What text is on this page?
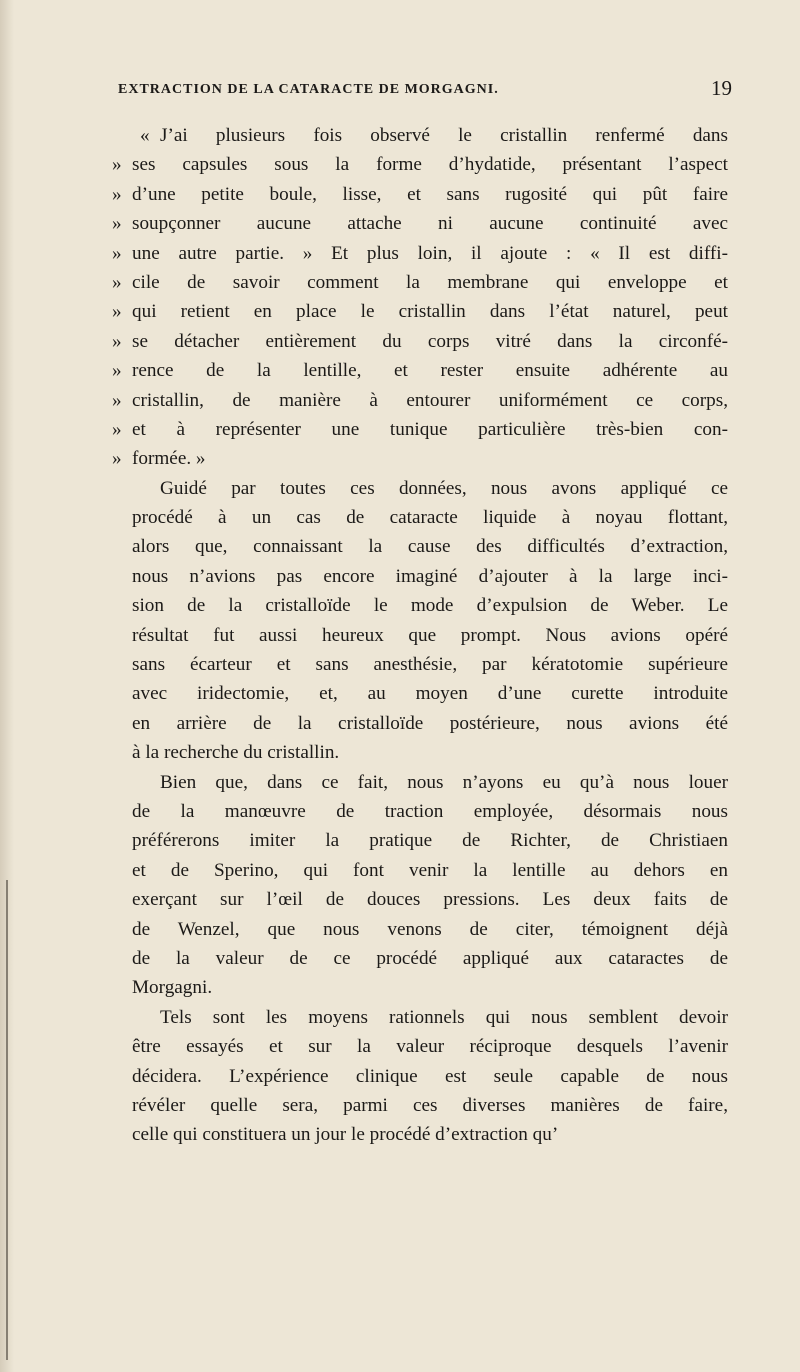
EXTRACTION DE LA CATARACTE DE MORGAGNI.	19
« J’ai plusieurs fois observé le cristallin renfermé dans
» ses capsules sous la forme d’hydatide, présentant l’aspect
» d’une petite boule, lisse, et sans rugosité qui pût faire
» soupçonner aucune attache ni aucune continuité avec
» une autre partie. » Et plus loin, il ajoute : « Il est diffi-
» cile de savoir comment la membrane qui enveloppe et
» qui retient en place le cristallin dans l’état naturel, peut
» se détacher entièrement du corps vitré dans la circonfé-
» rence de la lentille, et rester ensuite adhérente au
» cristallin, de manière à entourer uniformément ce corps,
» et à représenter une tunique particulière très-bien con-
» formée. »
Guidé par toutes ces données, nous avons appliqué ce
procédé à un cas de cataracte liquide à noyau flottant,
alors que, connaissant la cause des difficultés d’extraction,
nous n’avions pas encore imaginé d’ajouter à la large inci-
sion de la cristalloïde le mode d’expulsion de Weber. Le
résultat fut aussi heureux que prompt. Nous avions opéré
sans écarteur et sans anesthésie, par kératotomie supérieure
avec iridectomie, et, au moyen d’une curette introduite
en arrière de la cristalloïde postérieure, nous avions été
à la recherche du cristallin.
Bien que, dans ce fait, nous n’ayons eu qu’à nous louer
de la manœuvre de traction employée, désormais nous
préférerons imiter la pratique de Richter, de Christiaen
et de Sperino, qui font venir la lentille au dehors en
exerçant sur l’œil de douces pressions. Les deux faits de
de Wenzel, que nous venons de citer, témoignent déjà
de la valeur de ce procédé appliqué aux cataractes de
Morgagni.
Tels sont les moyens rationnels qui nous semblent devoir
être essayés et sur la valeur réciproque desquels l’avenir
décidera. L’expérience clinique est seule capable de nous
révéler quelle sera, parmi ces diverses manières de faire,
celle qui constituera un jour le procédé d’extraction qu’
